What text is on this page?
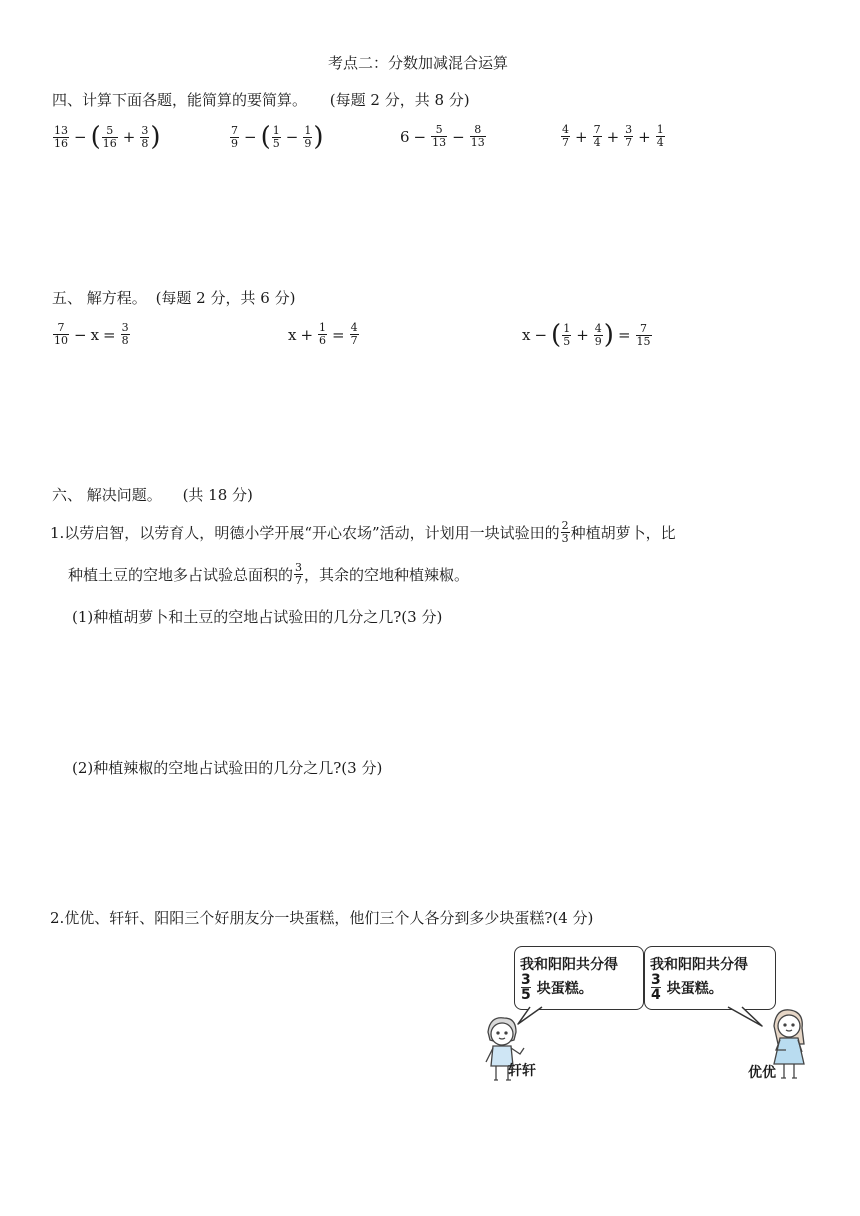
考点二：分数加减混合运算
四、计算下面各题，能简算的要简算。 (每题 2 分，共 8 分)
$\frac{13}{16}$ − ( $\frac{5}{16} + \frac{3}{8}$ )	$\frac{7}{9}$ − ( $\frac{1}{5} - \frac{1}{9}$ )	$6 - \frac{5}{13} - \frac{8}{13}$	$\frac{4}{7} + \frac{7}{4} + \frac{3}{7} + \frac{1}{4}$
五、 解方程。 (每题 2 分，共 6 分)
$\frac{7}{10} - x = \frac{3}{8}$	$x + \frac{1}{6} = \frac{4}{7}$	x − ( $\frac{1}{5} + \frac{4}{9}$ ) = $\frac{7}{15}$
六、 解决问题。 (共 18 分)
1.以劳启智，以劳育人，明德小学开展“开心农场”活动，计划用一块试验田的 $\frac{2}{3}$ 种植胡萝卜，比
种植土豆的空地多占试验总面积的 $\frac{3}{7}$ ，其余的空地种植辣椒。
(1)种植胡萝卜和土豆的空地占试验田的几分之几?(3 分)
(2)种植辣椒的空地占试验田的几分之几?(3 分)
2.优优、轩轩、阳阳三个好朋友分一块蛋糕，他们三个人各分到多少块蛋糕?(4 分)
我和阳阳共分得
3
5 块蛋糕。
我和阳阳共分得
3
4 块蛋糕。
轩轩	优优
